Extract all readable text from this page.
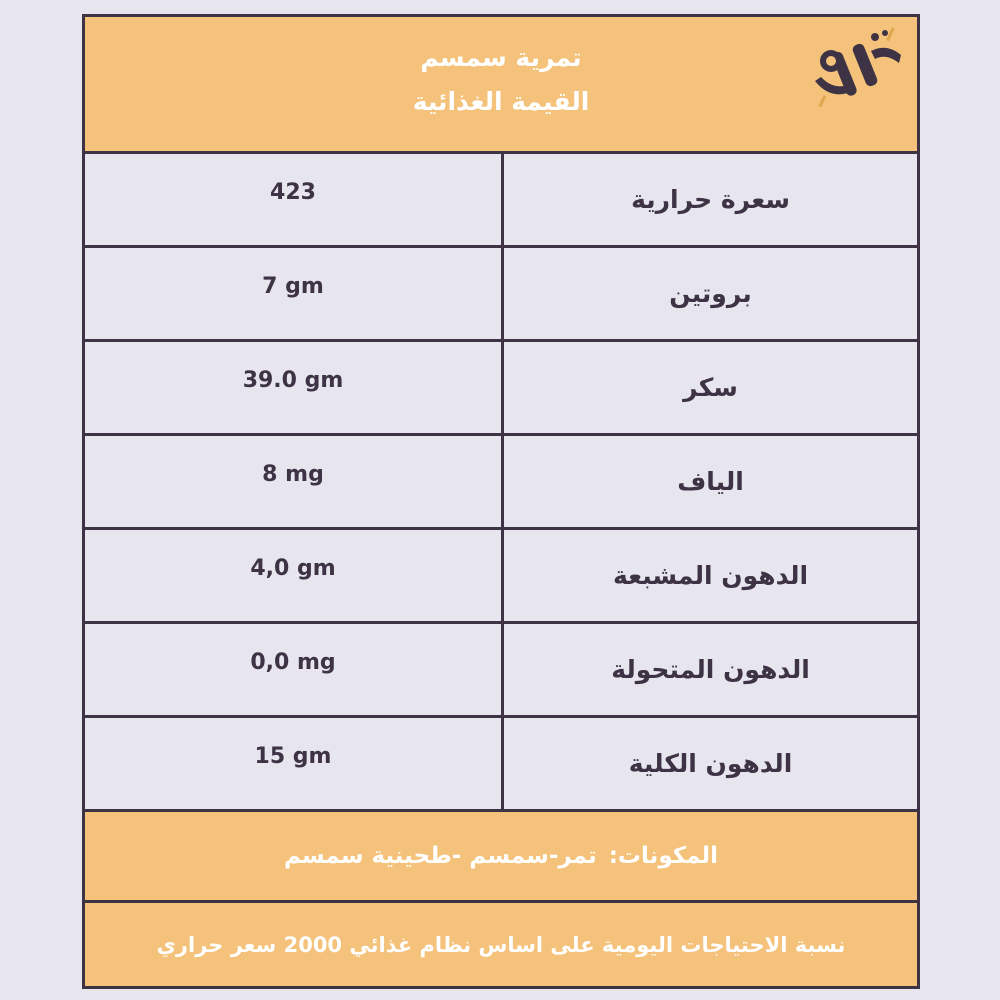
تمرية سمسم
القيمة الغذائية
423	سعرة حرارية
7 gm	بروتين
39.0 gm	سكر
8 mg	الياف
4,0 gm	الدهون المشبعة
0,0 mg	الدهون المتحولة
15 gm	الدهون الكلية
المكونات:
تمر-سمسم -طحينية سمسم
نسبة الاحتياجات اليومية على اساس نظام غذائي 2000 سعر حراري
